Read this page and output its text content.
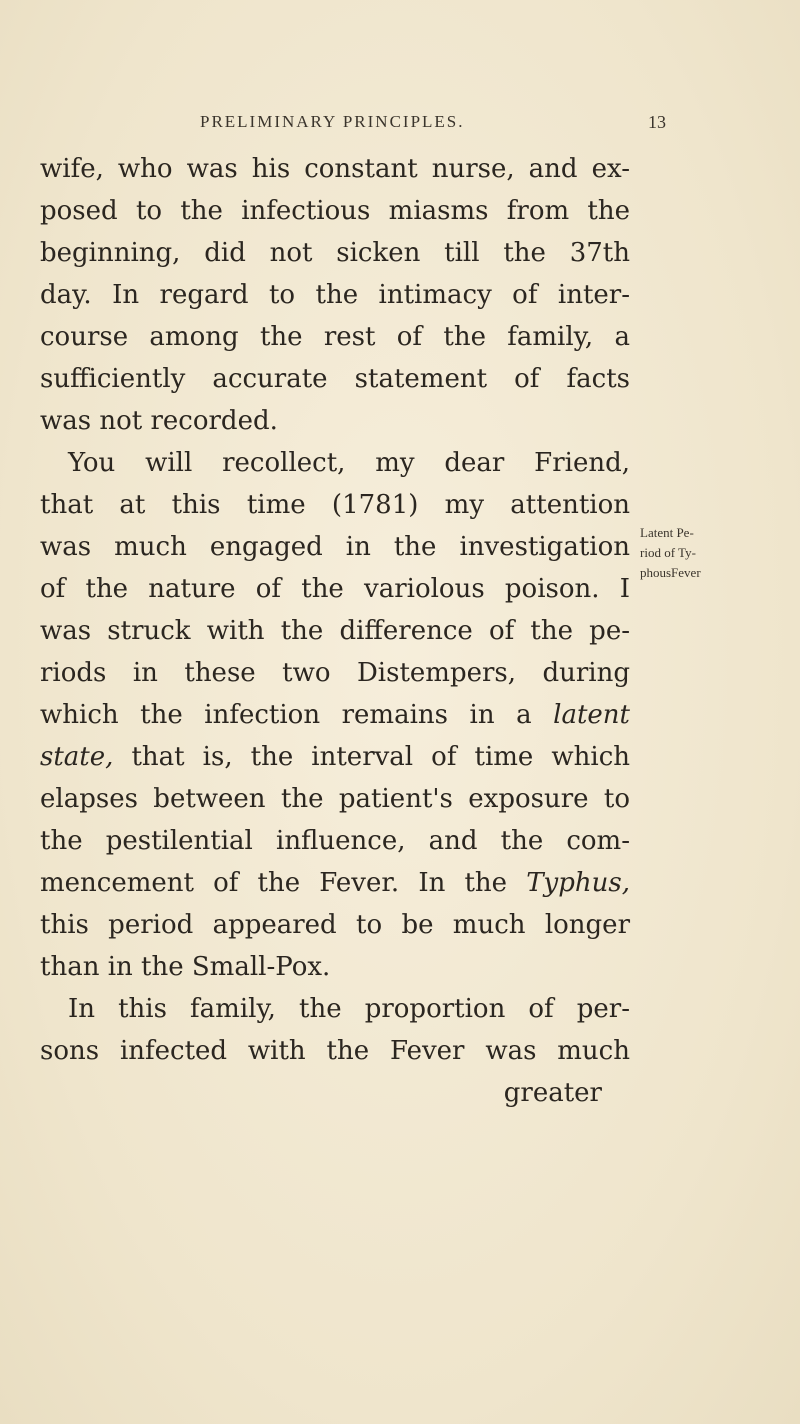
PRELIMINARY PRINCIPLES.	13
wife, who was his constant nurse, and ex-
posed to the infectious miasms from the
beginning, did not sicken till the 37th
day. In regard to the intimacy of inter-
course among the rest of the family, a
sufficiently accurate statement of facts
was not recorded.
You will recollect, my dear Friend,
that at this time (1781) my attention
was much engaged in the investigation
of the nature of the variolous poison. I
was struck with the difference of the pe-
riods in these two Distempers, during
which the infection remains in a latent
state, that is, the interval of time which
elapses between the patient's exposure to
the pestilential influence, and the com-
mencement of the Fever. In the Typhus,
this period appeared to be much longer
than in the Small-Pox.
In this family, the proportion of per-
sons infected with the Fever was much
greater
Latent Pe-
riod of Ty-
phousFever
